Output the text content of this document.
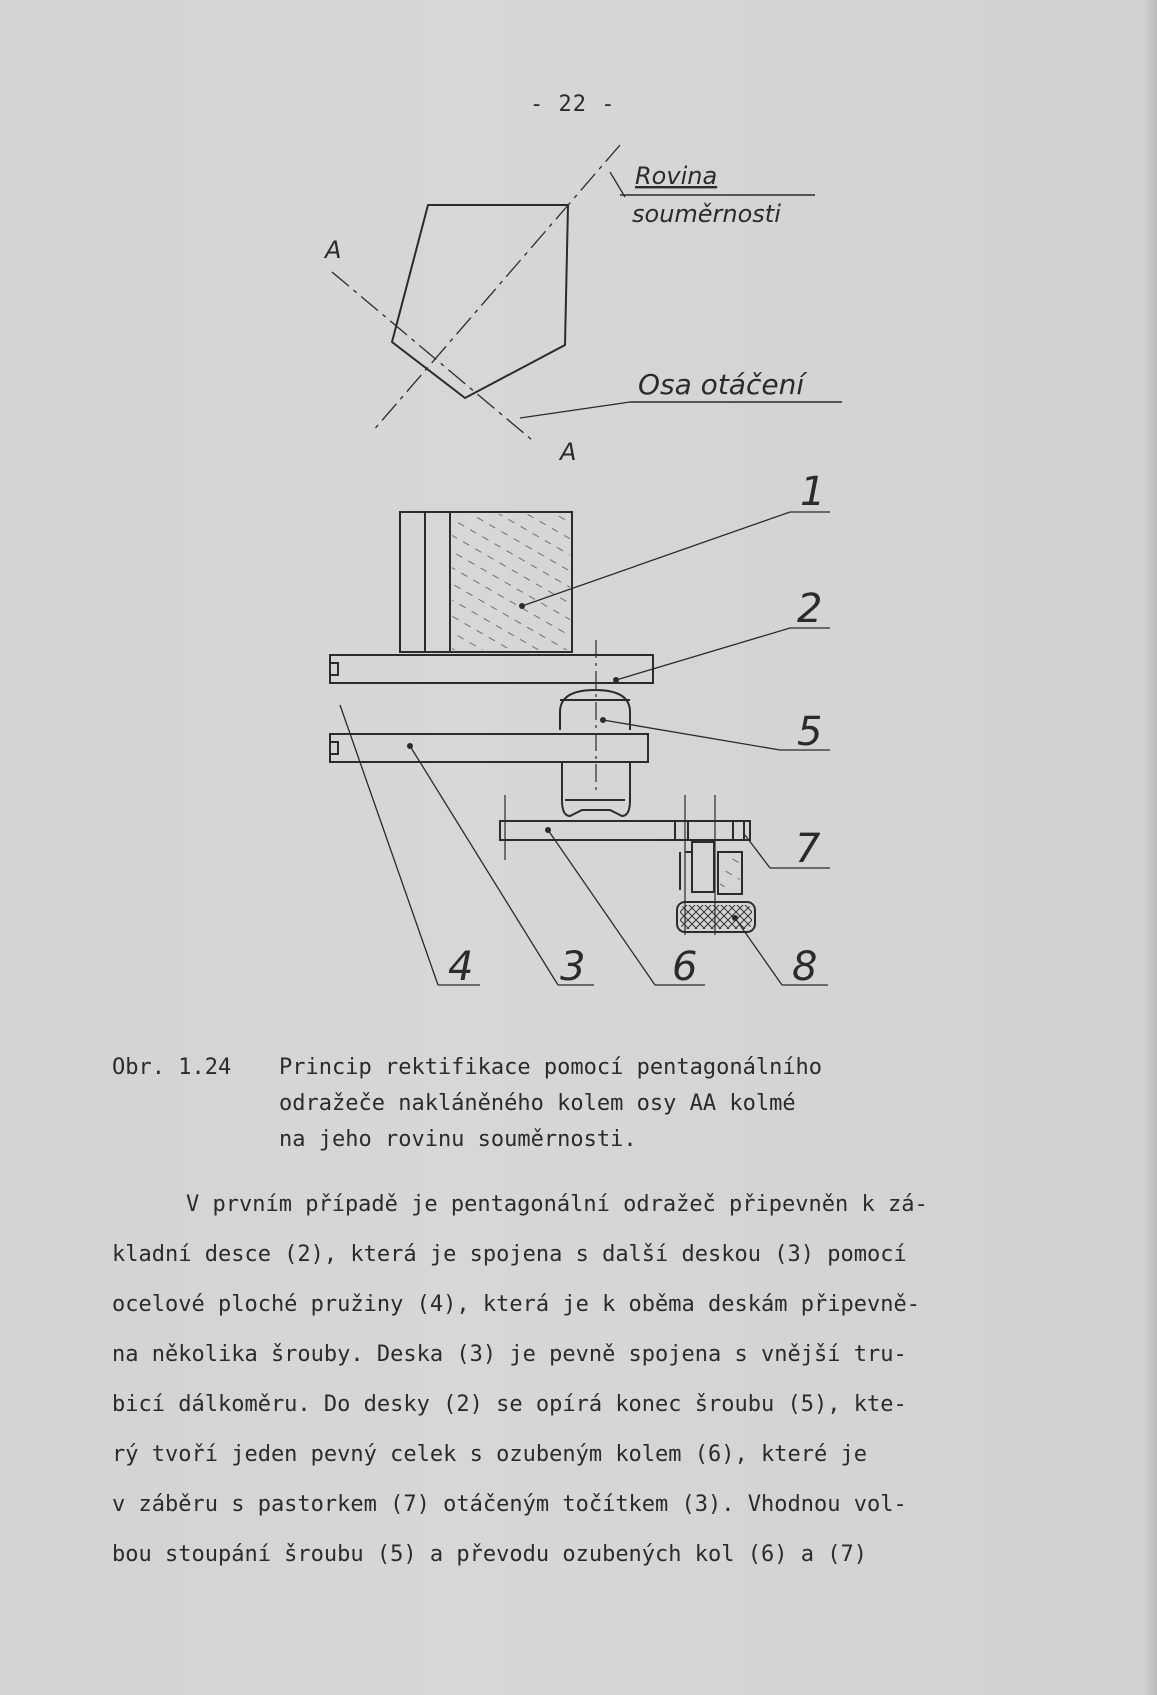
- 22 -
Rovina
souměrnosti
Osa otáčení
A
A
1
2
5
7
4 3 6 8
Obr. 1.24 Princip rektifikace pomocí pentagonálního
odražeče nakláněného kolem osy AA kolmé
na jeho rovinu souměrnosti.
V prvním případě je pentagonální odražeč připevněn k zá-
kladní desce (2), která je spojena s další deskou (3) pomocí
ocelové ploché pružiny (4), která je k oběma deskám připevně-
na několika šrouby. Deska (3) je pevně spojena s vnější tru-
bicí dálkoměru. Do desky (2) se opírá konec šroubu (5), kte-
rý tvoří jeden pevný celek s ozubeným kolem (6), které je
v záběru s pastorkem (7) otáčeným točítkem (3). Vhodnou vol-
bou stoupání šroubu (5) a převodu ozubených kol (6) a (7)
